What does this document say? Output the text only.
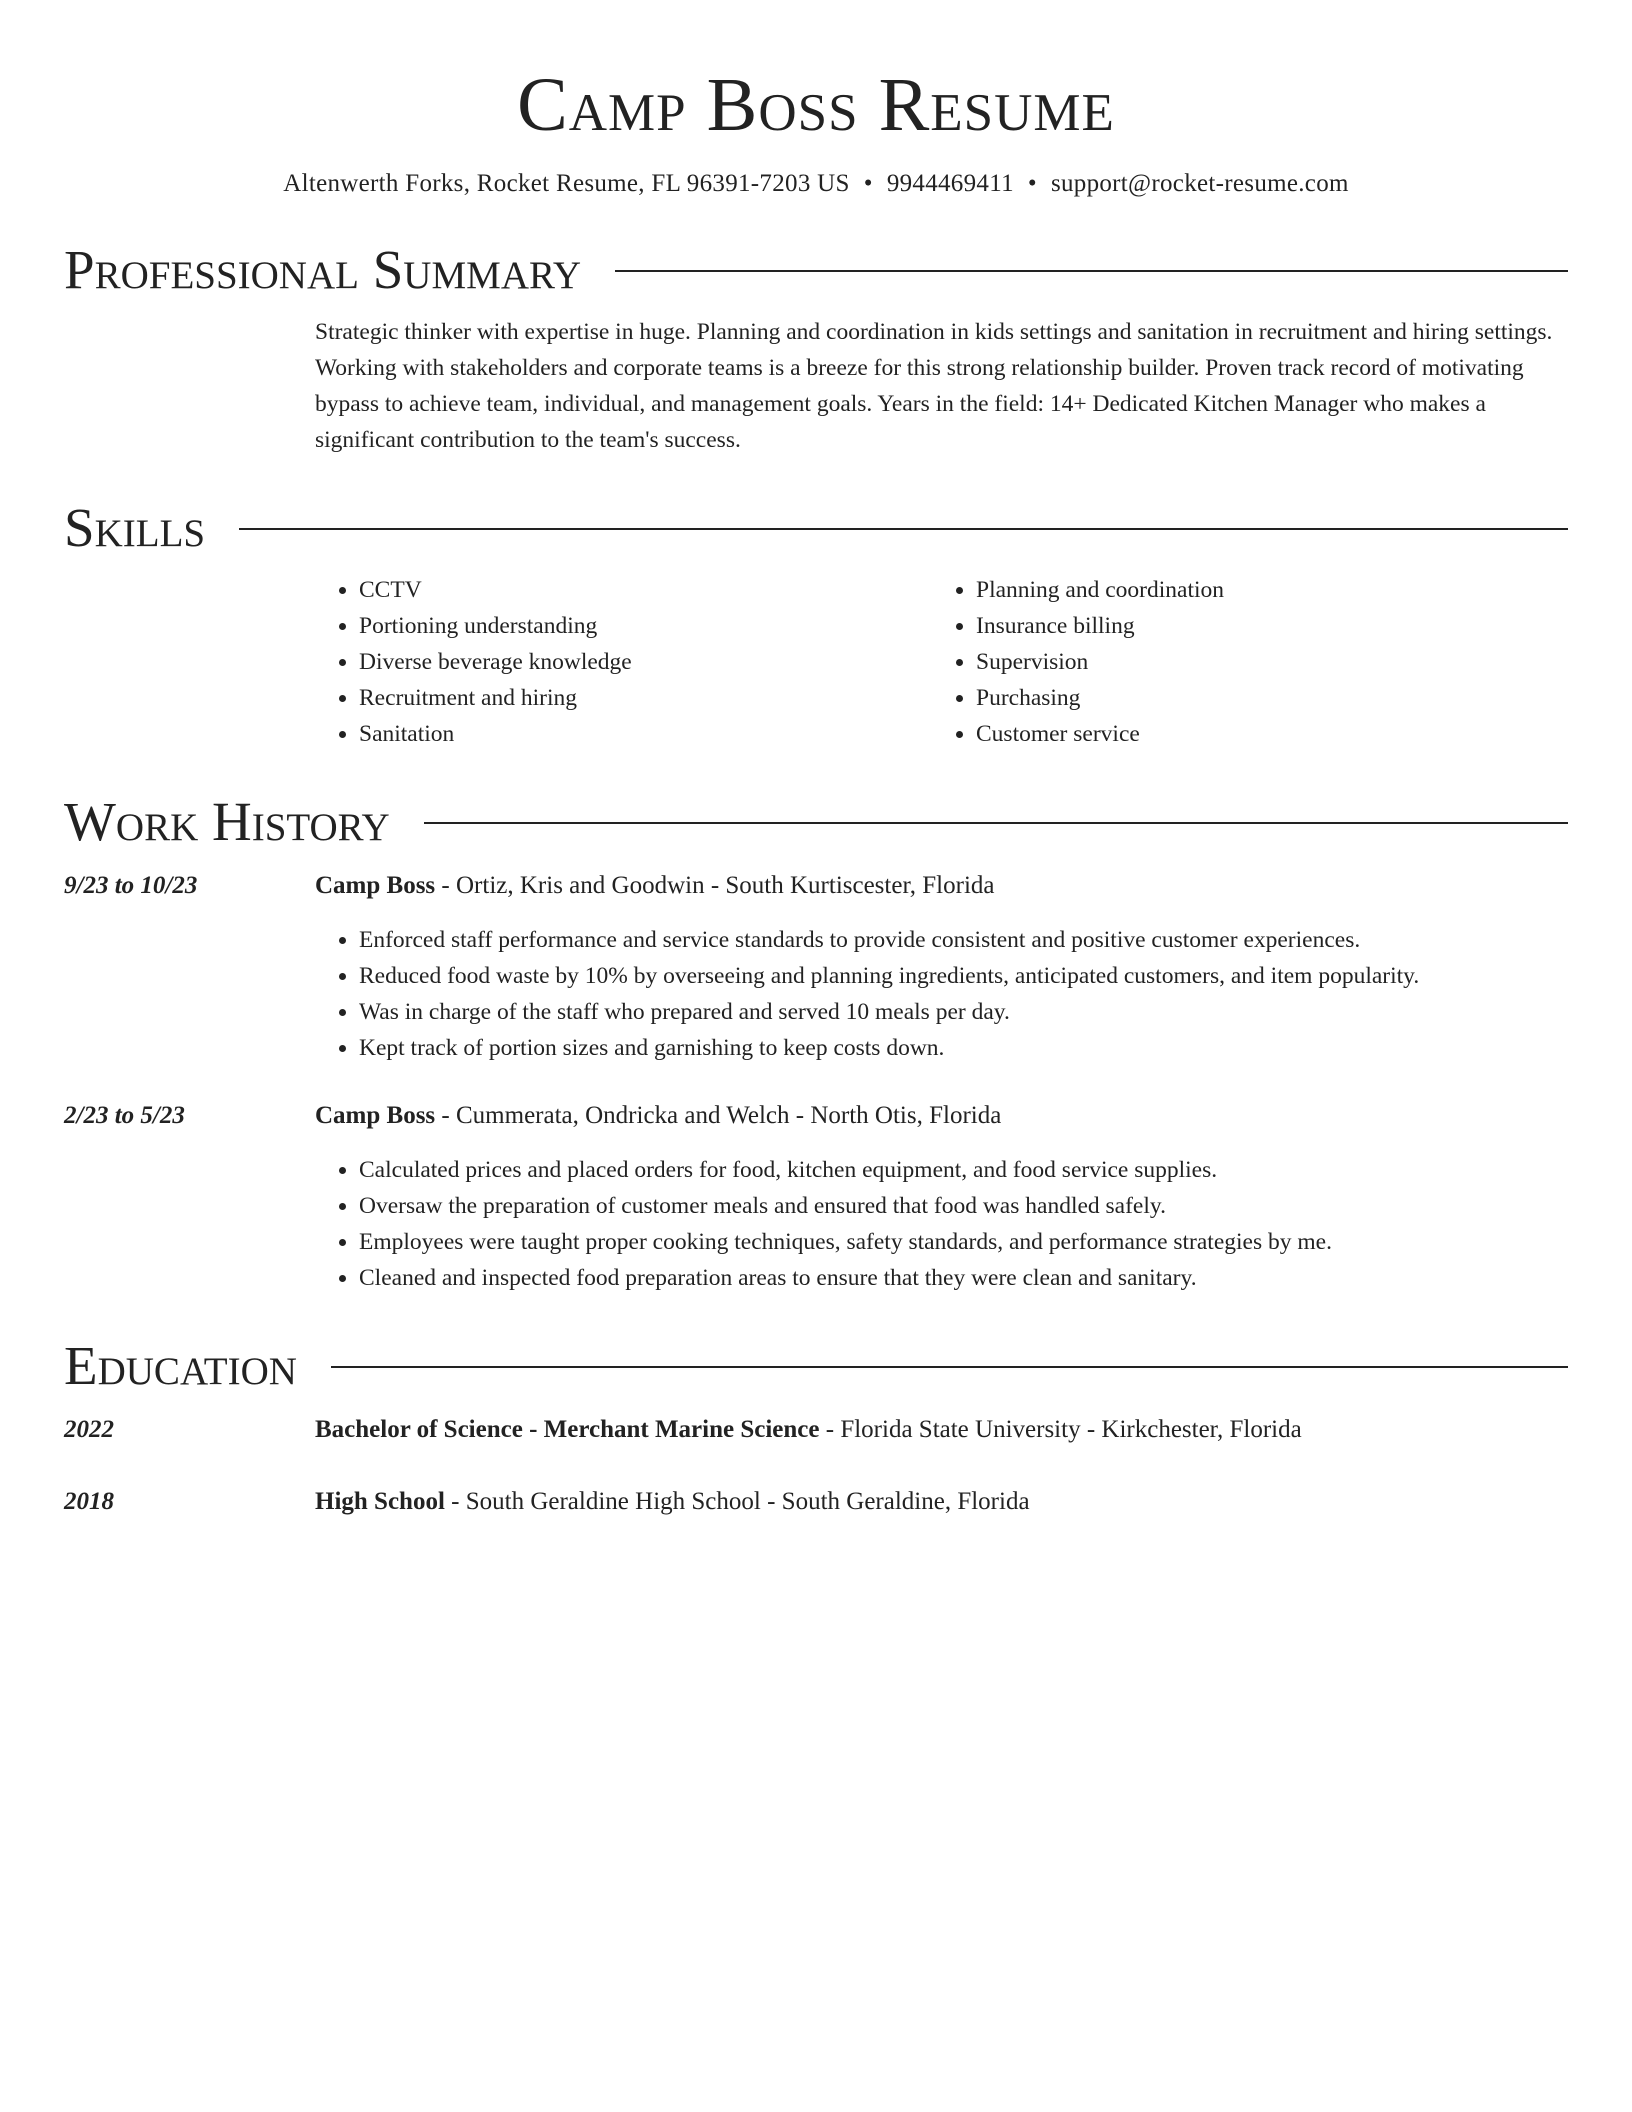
Camp Boss Resume
Altenwerth Forks, Rocket Resume, FL 96391-7203 US • 9944469411 • support@rocket-resume.com
Professional Summary
Strategic thinker with expertise in huge. Planning and coordination in kids settings and sanitation in recruitment and hiring settings. Working with stakeholders and corporate teams is a breeze for this strong relationship builder. Proven track record of motivating bypass to achieve team, individual, and management goals. Years in the field: 14+ Dedicated Kitchen Manager who makes a significant contribution to the team's success.
Skills
• CCTV
• Portioning understanding
• Diverse beverage knowledge
• Recruitment and hiring
• Sanitation
• Planning and coordination
• Insurance billing
• Supervision
• Purchasing
• Customer service
Work History
9/23 to 10/23	Camp Boss - Ortiz, Kris and Goodwin - South Kurtiscester, Florida
• Enforced staff performance and service standards to provide consistent and positive customer experiences.
• Reduced food waste by 10% by overseeing and planning ingredients, anticipated customers, and item popularity.
• Was in charge of the staff who prepared and served 10 meals per day.
• Kept track of portion sizes and garnishing to keep costs down.
2/23 to 5/23	Camp Boss - Cummerata, Ondricka and Welch - North Otis, Florida
• Calculated prices and placed orders for food, kitchen equipment, and food service supplies.
• Oversaw the preparation of customer meals and ensured that food was handled safely.
• Employees were taught proper cooking techniques, safety standards, and performance strategies by me.
• Cleaned and inspected food preparation areas to ensure that they were clean and sanitary.
Education
2022	Bachelor of Science - Merchant Marine Science - Florida State University - Kirkchester, Florida
2018	High School - South Geraldine High School - South Geraldine, Florida
